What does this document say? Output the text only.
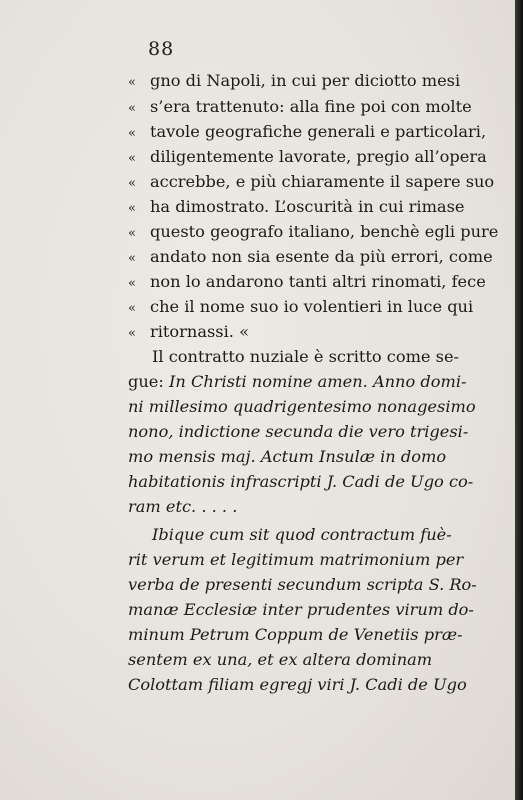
88
« gno di Napoli, in cui per diciotto mesi
« s’era trattenuto: alla fine poi con molte
« tavole geografiche generali e particolari,
« diligentemente lavorate, pregio all’opera
« accrebbe, e più chiaramente il sapere suo
« ha dimostrato. L’oscurità in cui rimase
« questo geografo italiano, benchè egli pure
« andato non sia esente da più errori, come
« non lo andarono tanti altri rinomati, fece
« che il nome suo io volentieri in luce qui
« ritornassi. «
Il contratto nuziale è scritto come se-
gue: In Christi nomine amen. Anno domi-
ni millesimo quadrigentesimo nonagesimo
nono, indictione secunda die vero trigesi-
mo mensis maj. Actum Insulæ in domo
habitationis infrascripti J. Cadi de Ugo co-
ram etc. . . . .
Ibique cum sit quod contractum fuè-
rit verum et legitimum matrimonium per
verba de presenti secundum scripta S. Ro-
manæ Ecclesiæ inter prudentes virum do-
minum Petrum Coppum de Venetiis præ-
sentem ex una, et ex altera dominam
Colottam filiam egregj viri J. Cadi de Ugo
